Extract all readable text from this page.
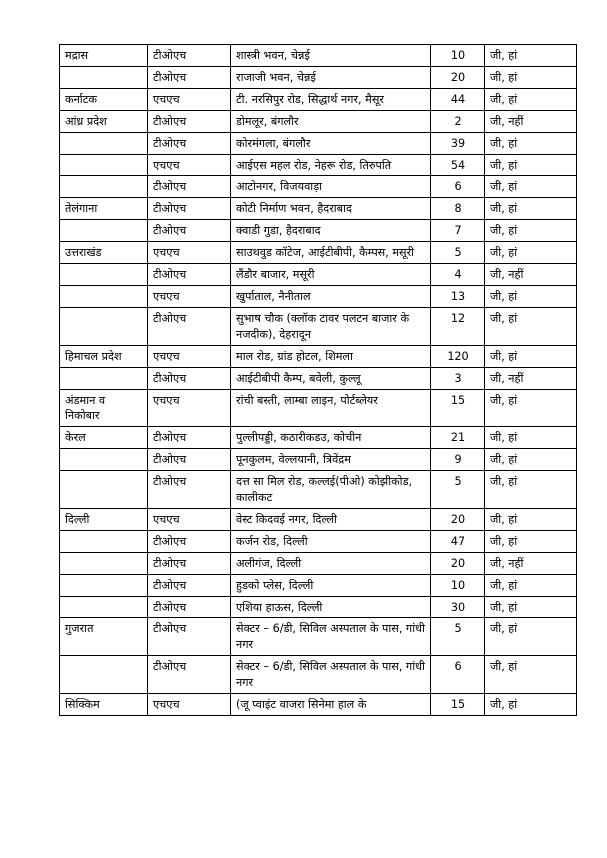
मद्रास	टीओएच	शास्त्री भवन, चेन्नई	10	जी, हां
	टीओएच	राजाजी भवन, चेन्नई	20	जी, हां
कर्नाटक	एचएच	टी. नरसिपुर रोड, सिद्धार्थ नगर, मैसूर	44	जी, हां
आंध्र प्रदेश	टीओएच	डोमलूर, बंगलौर	2	जी, नहीं
	टीओएच	कोरमंगला, बंगलौर	39	जी, हां
	एचएच	आईएस महल रोड, नेहरू रोड, तिरुपति	54	जी, हां
	टीओएच	आटोनगर, विजयवाड़ा	6	जी, हां
तेलंगाना	टीओएच	कोटी निर्माण भवन, हैदराबाद	8	जी, हां
	टीओएच	क्वाडी गुडा, हैदराबाद	7	जी, हां
उत्तराखंड	एचएच	साउथवुड कॉटेज, आईटीबीपी, कैम्पस, मसूरी	5	जी, हां
	टीओएच	लैंडौर बाजार, मसूरी	4	जी, नहीं
	एचएच	खुर्पाताल, नैनीताल	13	जी, हां
	टीओएच	सुभाष चौक (क्लॉक टावर पलटन बाजार के नजदीक), देहरादून	12	जी, हां
हिमाचल प्रदेश	एचएच	माल रोड, ग्रांड होटल, शिमला	120	जी, हां
	टीओएच	आईटीबीपी कैम्प, बवेली, कुल्लू	3	जी, नहीं
अंडमान व निकोबार	एचएच	रांची बस्ती, लाम्बा लाइन, पोर्टब्लेयर	15	जी, हां
केरल	टीओएच	पुल्लीपड्डी, कठारीकडउ, कोचीन	21	जी, हां
	टीओएच	पूनकुलम, वेल्लयानी, त्रिवेंद्रम	9	जी, हां
	टीओएच	दत्त सा मिल रोड, कल्लई(पीओ) कोझीकोड, कालीकट	5	जी, हां
दिल्ली	एचएच	वेस्ट किदवई नगर, दिल्ली	20	जी, हां
	टीओएच	कर्जन रोड, दिल्ली	47	जी, हां
	टीओएच	अलीगंज, दिल्ली	20	जी, नहीं
	टीओएच	हुडको प्लेस, दिल्ली	10	जी, हां
	टीओएच	एशिया हाऊस, दिल्ली	30	जी, हां
गुजरात	टीओएच	सेक्टर – 6/डी, सिविल अस्पताल के पास, गांधी नगर	5	जी, हां
	टीओएच	सेक्टर – 6/डी, सिविल अस्पताल के पास, गांधी नगर	6	जी, हां
सिक्किम	एचएच	(जू प्वाइंट वाजरा सिनेमा हाल के	15	जी, हां
